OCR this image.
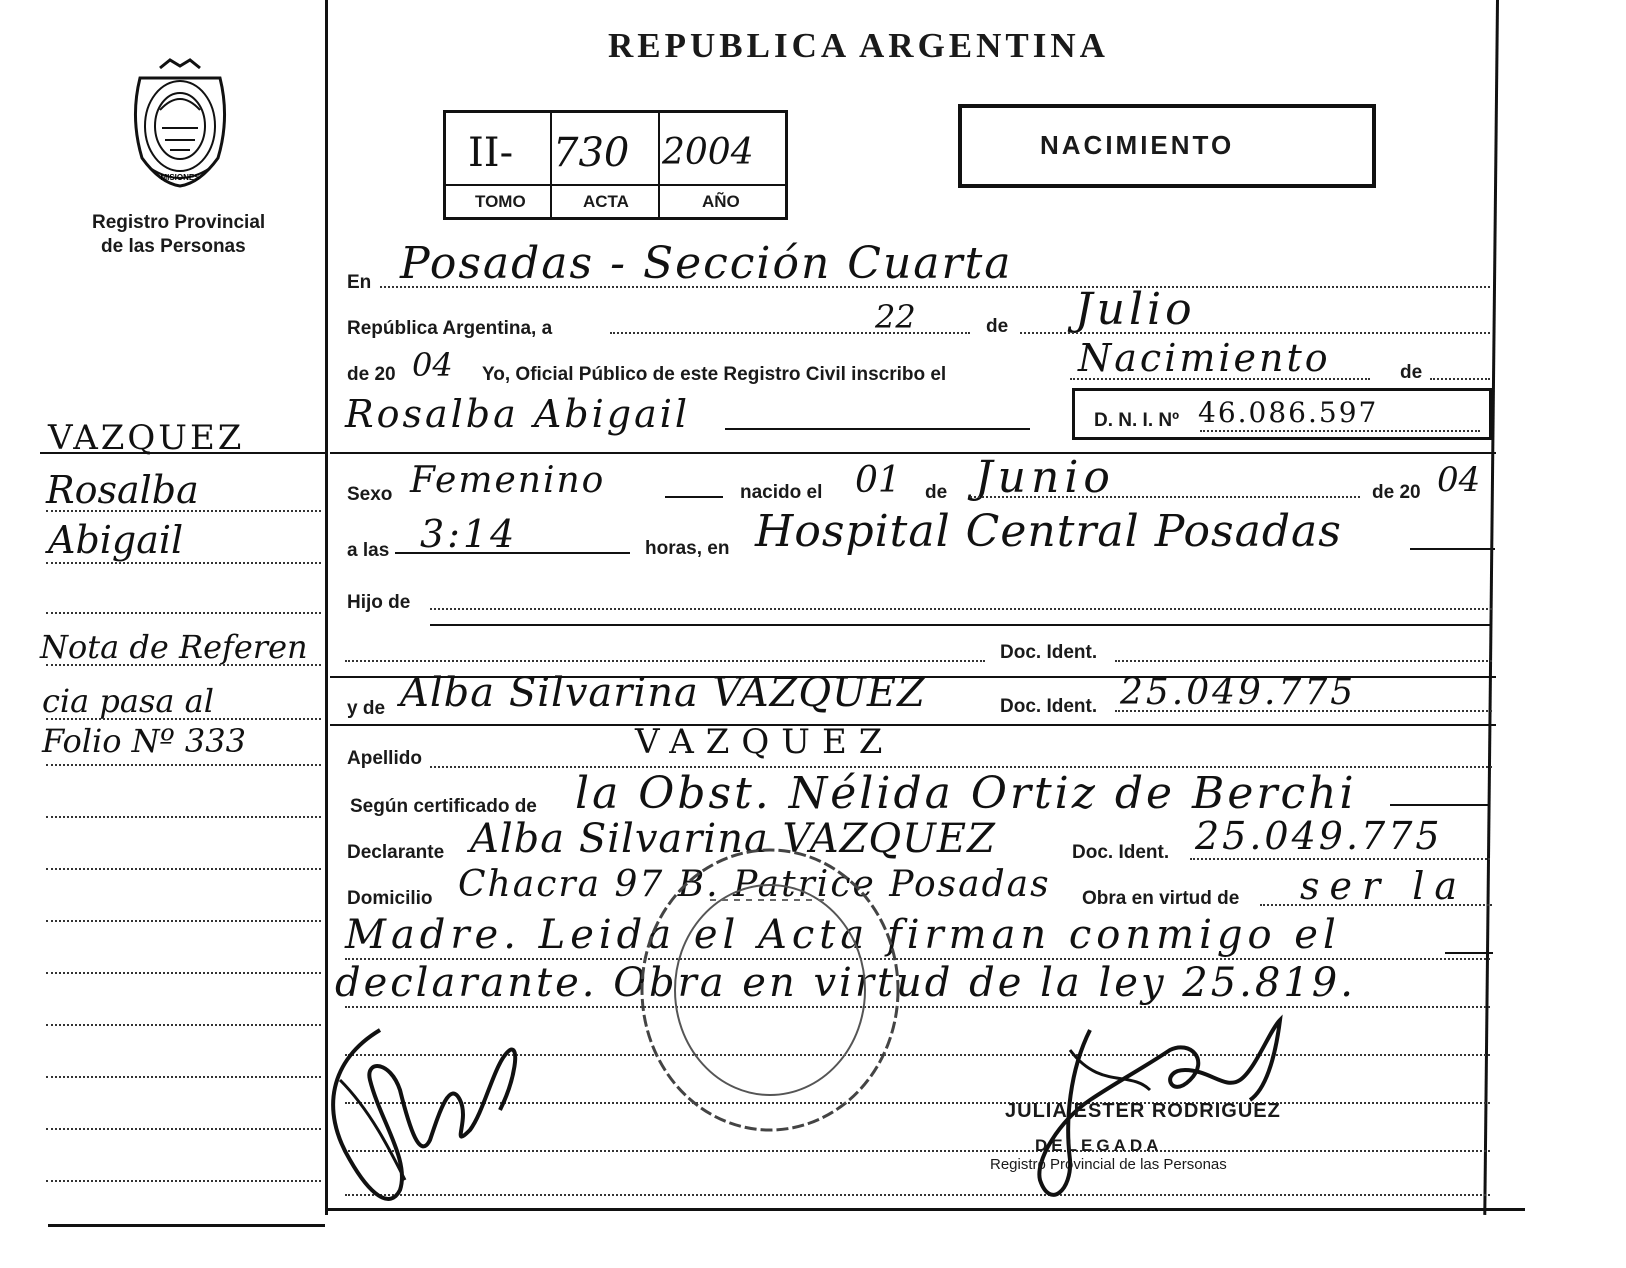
REPUBLICA ARGENTINA
MISIONES
Registro Provincial
de las Personas
II- 730 2004
TOMO	ACTA	AÑO
NACIMIENTO
VAZQUEZ
Rosalba
Abigail
Nota de Referen
cia pasa al
Folio Nº 333
En Posadas - Sección Cuarta
República Argentina, a	22	de Julio
de 20 04 Yo, Oficial Público de este Registro Civil inscribo el	Nacimiento	de
Rosalba Abigail	D. N. I. Nº 46.086.597
Sexo Femenino	nacido el 01 de Junio	de 20 04
a las 3:14	horas, en Hospital Central Posadas
Hijo de
Doc. Ident.
y de Alba Silvarina VAZQUEZ	Doc. Ident. 25.049.775
Apellido	VAZQUEZ
Según certificado de la Obst. Nélida Ortiz de Berchi
Declarante Alba Silvarina VAZQUEZ	Doc. Ident. 25.049.775
Domicilio Chacra 97 B. Patrice Posadas Obra en virtud de ser la
Madre. Leida el Acta firman conmigo el
declarante. Obra en virtud de la ley 25.819.
JULIA ESTER RODRIGUEZ
DELEGADA
Registro Provincial de las Personas
